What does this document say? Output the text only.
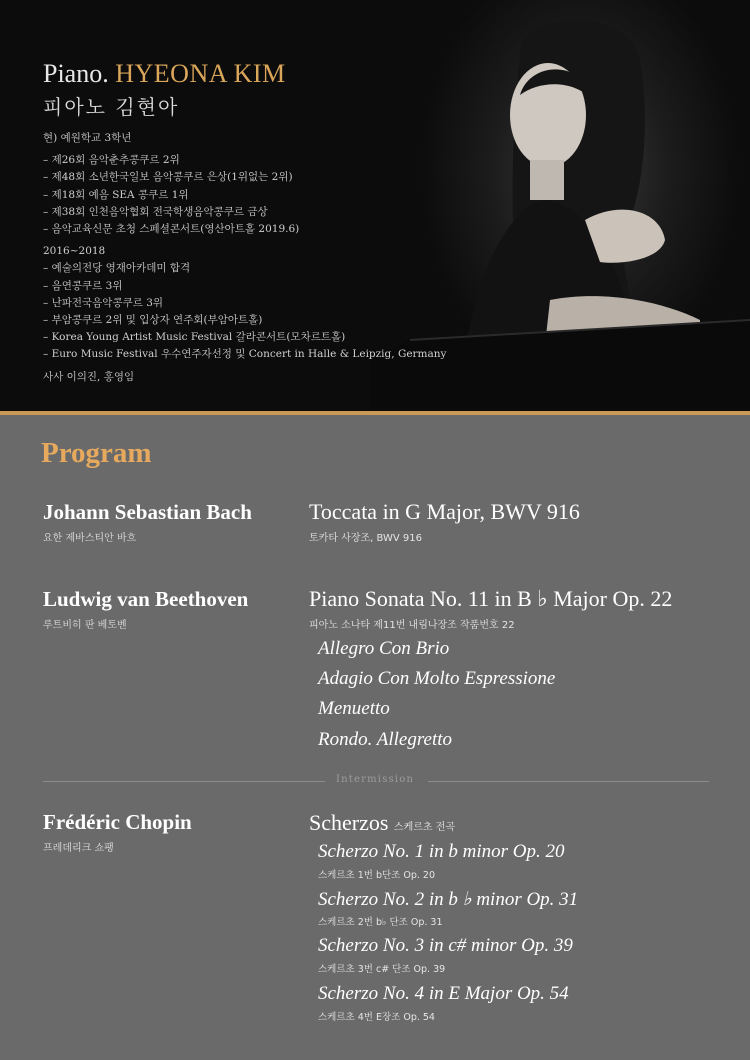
Piano. HYEONA KIM
피아노 김현아
현) 예원학교 3학년
– 제26회 음악춘추콩쿠르 2위
– 제48회 소년한국일보 음악콩쿠르 은상(1위없는 2위)
– 제18회 예음 SEA 콩쿠르 1위
– 제38회 인천음악협회 전국학생음악콩쿠르 금상
– 음악교육신문 초청 스페셜콘서트(영산아트홀 2019.6)
2016~2018
– 예술의전당 영재아카데미 합격
– 음연콩쿠르 3위
– 난파전국음악콩쿠르 3위
– 부암콩쿠르 2위 및 입상자 연주회(부암아트홀)
– Korea Young Artist Music Festival 갈라콘서트(모차르트홀)
– Euro Music Festival 우수연주자선정 및 Concert in Halle & Leipzig, Germany
사사 이의진, 홍영임
Program
Johann Sebastian Bach
요한 제바스티안 바흐
Toccata in G Major, BWV 916
토카타 사장조, BWV 916
Ludwig van Beethoven
루트비히 판 베토벤
Piano Sonata No. 11 in B ♭ Major Op. 22
피아노 소나타 제11번 내림나장조 작품번호 22
Allegro Con Brio
Adagio Con Molto Espressione
Menuetto
Rondo. Allegretto
Intermission
Frédéric Chopin
프레데리크 쇼팽
Scherzos 스케르초 전곡
Scherzo No. 1 in b minor Op. 20
스케르초 1번 b단조 Op. 20
Scherzo No. 2 in b ♭ minor Op. 31
스케르초 2번 b♭ 단조 Op. 31
Scherzo No. 3 in c# minor Op. 39
스케르초 3번 c# 단조 Op. 39
Scherzo No. 4 in E Major Op. 54
스케르초 4번 E장조 Op. 54
